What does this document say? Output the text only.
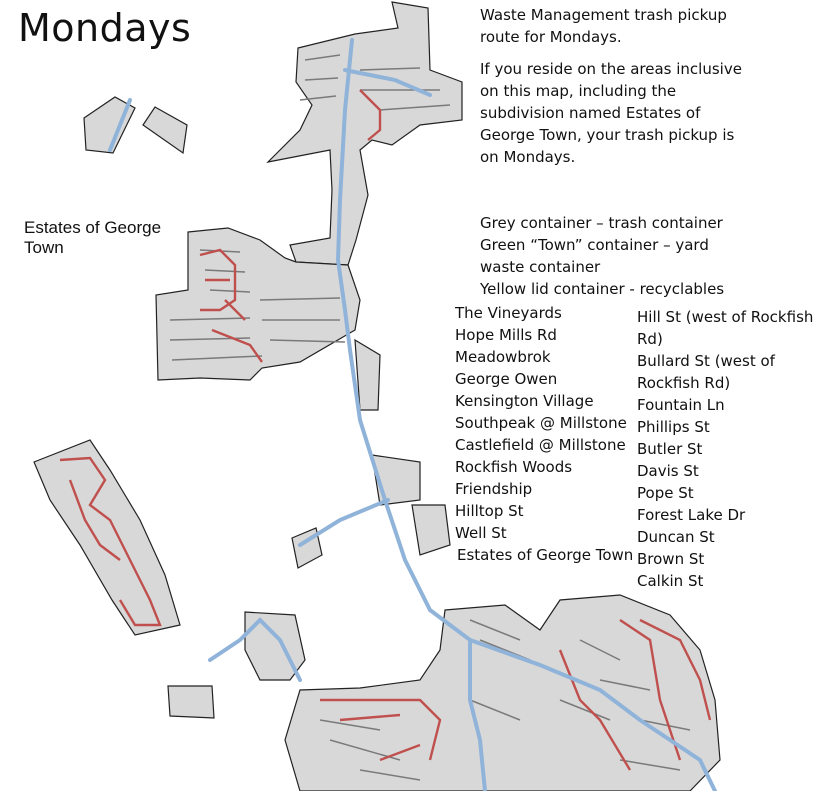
Mondays
Estates of George Town

Waste Management trash pickup route for Mondays.

If you reside on the areas inclusive on this map, including the subdivision named Estates of George Town, your trash pickup is on Mondays.

Grey container – trash container
Green “Town” container – yard waste container
Yellow lid container - recyclables
The Vineyards
Hope Mills Rd
Meadowbrok
George Owen
Kensington Village
Southpeak @ Millstone
Castlefield @ Millstone
Rockfish Woods
Friendship
Hilltop St
Well St
Estates of George Town
Hill St (west of Rockfish Rd)
Bullard St (west of Rockfish Rd)
Fountain Ln
Phillips St
Butler St
Davis St
Pope St
Forest Lake Dr
Duncan St
Brown St
Calkin St
